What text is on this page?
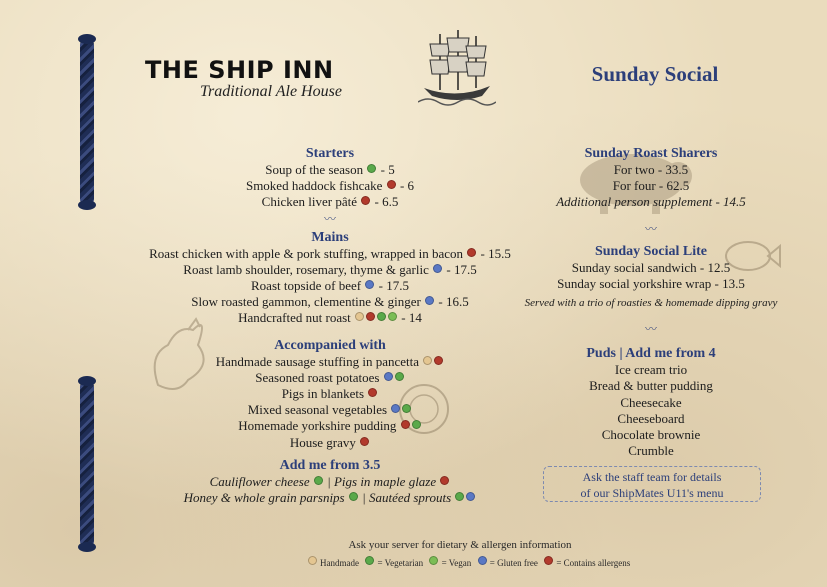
THE SHIP INN
Traditional Ale House
Sunday Social

Starters

Soup of the season  - 5

Smoked haddock fishcake  - 6

Chicken liver pâté  - 6.5

〰

Mains

Roast chicken with apple & pork stuffing, wrapped in bacon  - 15.5

Roast lamb shoulder, rosemary, thyme & garlic  - 17.5

Roast topside of beef  - 17.5

Slow roasted gammon, clementine & ginger  - 16.5

Handcrafted nut roast	- 14

Accompanied with

Handmade sausage stuffing in pancetta

Seasoned roast potatoes

Pigs in blankets

Mixed seasonal vegetables

Homemade yorkshire pudding

House gravy

Add me from 3.5

Cauliflower cheese  | Pigs in maple glaze

Honey & whole grain parsnips  | Sautéed sprouts

Sunday Roast Sharers

For two - 33.5

For four - 62.5

Additional person supplement - 14.5

〰

Sunday Social Lite

Sunday social sandwich - 12.5

Sunday social yorkshire wrap - 13.5

Served with a trio of roasties & homemade dipping gravy

〰

Puds | Add me from 4

Ice cream trio

Bread & butter pudding

Cheesecake

Cheeseboard

Chocolate brownie

Crumble

Ask the staff team for details
of our ShipMates U11's menu
Ask your server for dietary & allergen information
Handmade = Vegetarian = Vegan = Gluten free = Contains allergens
